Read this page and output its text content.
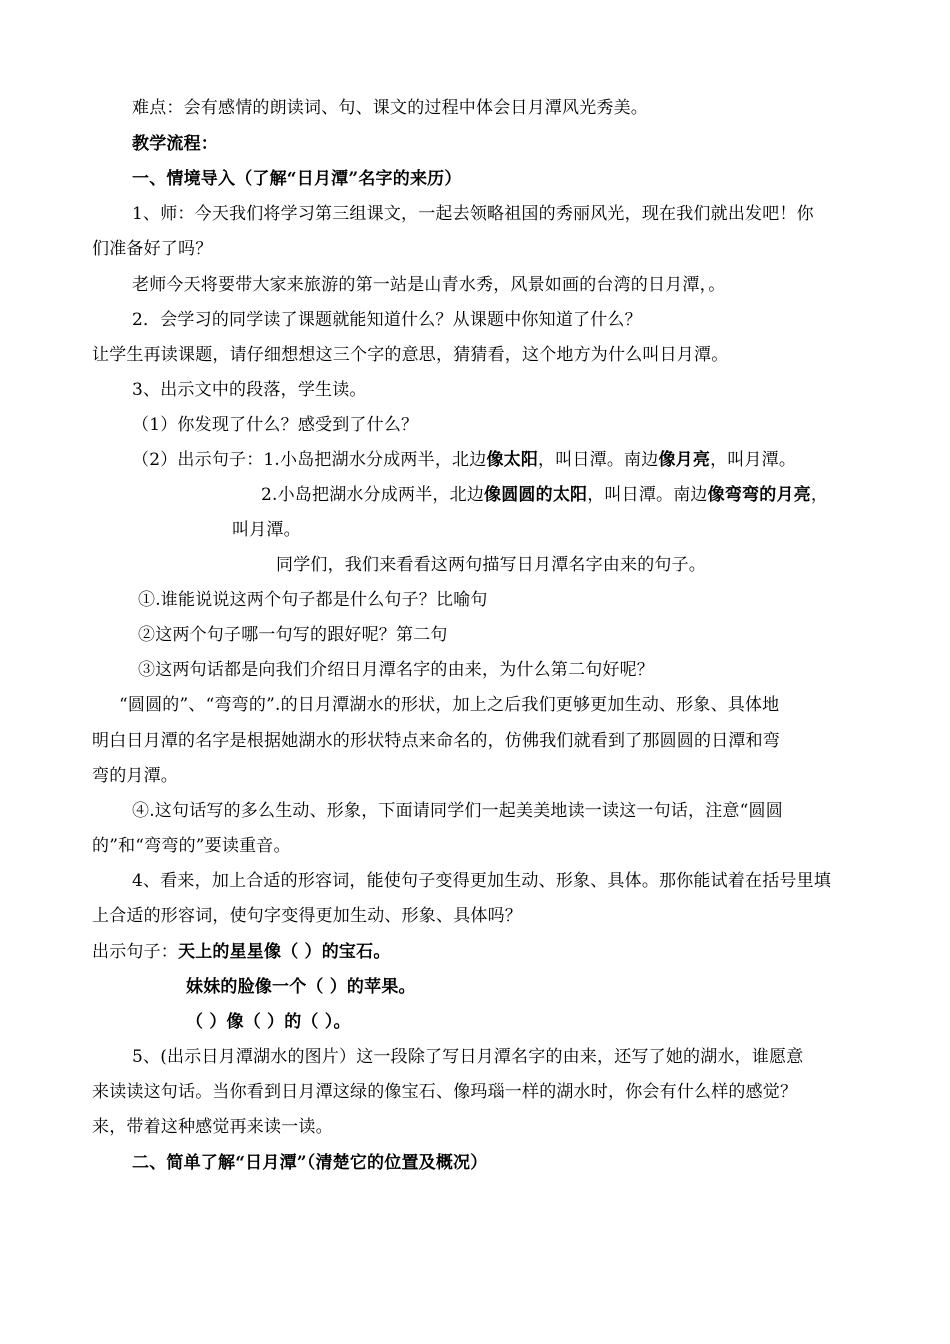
难点：会有感情的朗读词、句、课文的过程中体会日月潭风光秀美。
教学流程：
一、情境导入（了解“日月潭”名字的来历）
1、师：今天我们将学习第三组课文，一起去领略祖国的秀丽风光，现在我们就出发吧！你
们准备好了吗？
老师今天将要带大家来旅游的第一站是山青水秀，风景如画的台湾的日月潭，。
2．会学习的同学读了课题就能知道什么？从课题中你知道了什么？
让学生再读课题，请仔细想想这三个字的意思，猜猜看，这个地方为什么叫日月潭。
3、出示文中的段落，学生读。
（1）你发现了什么？感受到了什么？
（2）出示句子：1.小岛把湖水分成两半，北边像太阳，叫日潭。南边像月亮，叫月潭。
2.小岛把湖水分成两半，北边像圆圆的太阳，叫日潭。南边像弯弯的月亮，
叫月潭。
同学们，我们来看看这两句描写日月潭名字由来的句子。
①.谁能说说这两个句子都是什么句子？比喻句
②这两个句子哪一句写的跟好呢？第二句
③这两句话都是向我们介绍日月潭名字的由来，为什么第二句好呢？
“圆圆的”、“弯弯的”.的日月潭湖水的形状，加上之后我们更够更加生动、形象、具体地
明白日月潭的名字是根据她湖水的形状特点来命名的，仿佛我们就看到了那圆圆的日潭和弯
弯的月潭。
④.这句话写的多么生动、形象，下面请同学们一起美美地读一读这一句话，注意“圆圆
的”和“弯弯的”要读重音。
4、看来，加上合适的形容词，能使句子变得更加生动、形象、具体。那你能试着在括号里填
上合适的形容词，使句字变得更加生动、形象、具体吗？
出示句子：天上的星星像（ ）的宝石。
妹妹的脸像一个（ ）的苹果。
（ ）像（ ）的（ ）。
5、(出示日月潭湖水的图片）这一段除了写日月潭名字的由来，还写了她的湖水，谁愿意
来读读这句话。当你看到日月潭这绿的像宝石、像玛瑙一样的湖水时，你会有什么样的感觉？
来，带着这种感觉再来读一读。
二、简单了解“日月潭”（清楚它的位置及概况）
